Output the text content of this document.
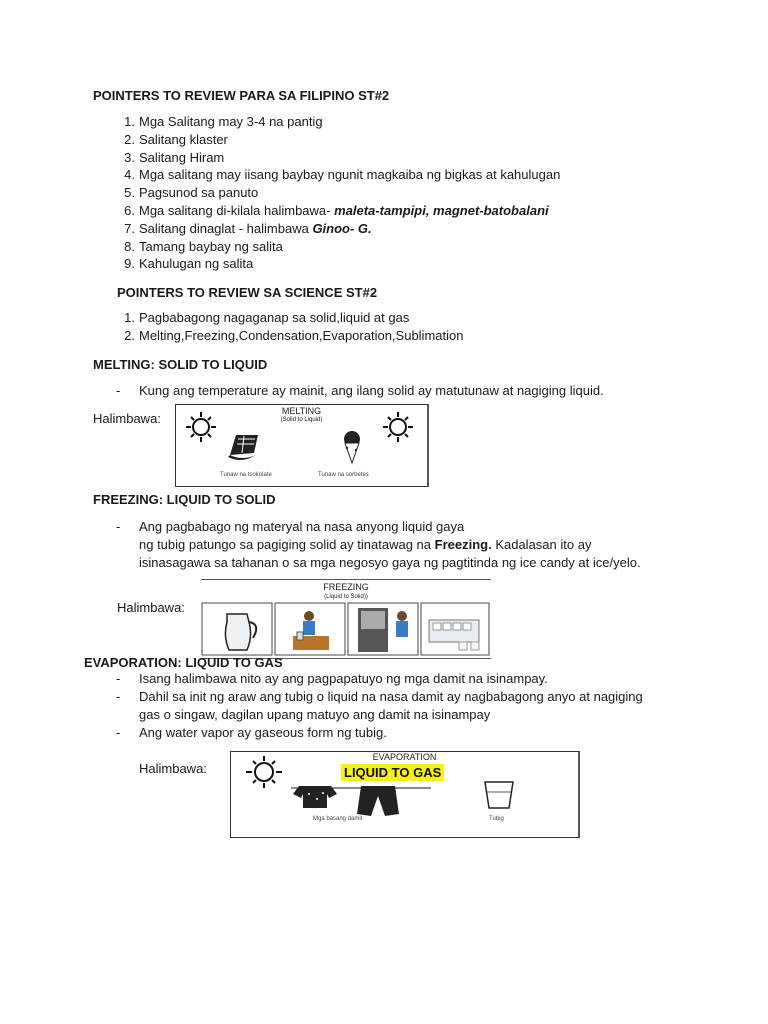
POINTERS TO REVIEW PARA SA FILIPINO ST#2
1. Mga Salitang may 3-4 na pantig
2. Salitang klaster
3. Salitang Hiram
4. Mga salitang may iisang baybay ngunit magkaiba ng bigkas at kahulugan
5. Pagsunod sa panuto
6. Mga salitang di-kilala halimbawa- maleta-tampipi, magnet-batobalani
7. Salitang dinaglat - halimbawa Ginoo- G.
8. Tamang baybay ng salita
9. Kahulugan ng salita
POINTERS TO REVIEW SA SCIENCE ST#2
1. Pagbabagong nagaganap sa solid,liquid at gas
2. Melting,Freezing,Condensation,Evaporation,Sublimation
MELTING: SOLID TO LIQUID
- Kung ang temperature ay mainit, ang ilang solid ay matutunaw at nagiging liquid.
Halimbawa:	MELTING
(Solid to Liquid)
Tunaw na tsokolate	Tunaw na sorbetes
FREEZING: LIQUID TO SOLID
- Ang pagbabago ng materyal na nasa anyong liquid gaya
ng tubig patungo sa pagiging solid ay tinatawag na Freezing. Kadalasan ito ay
isinasagawa sa tahanan o sa mga negosyo gaya ng pagtitinda ng ice candy at ice/yelo.
Halimbawa:
FREEZING
(Liquid to Solid))
EVAPORATION: LIQUID TO GAS
- Isang halimbawa nito ay ang pagpapatuyo ng mga damit na isinampay.
- Dahil sa init ng araw ang tubig o liquid na nasa damit ay nagbabagong anyo at nagiging
gas o singaw, dagilan upang matuyo ang damit na isinampay
- Ang water vapor ay gaseous form ng tubig.
Halimbawa:
EVAPORATION
LIQUID TO GAS
Mga basang damit	Tubig
